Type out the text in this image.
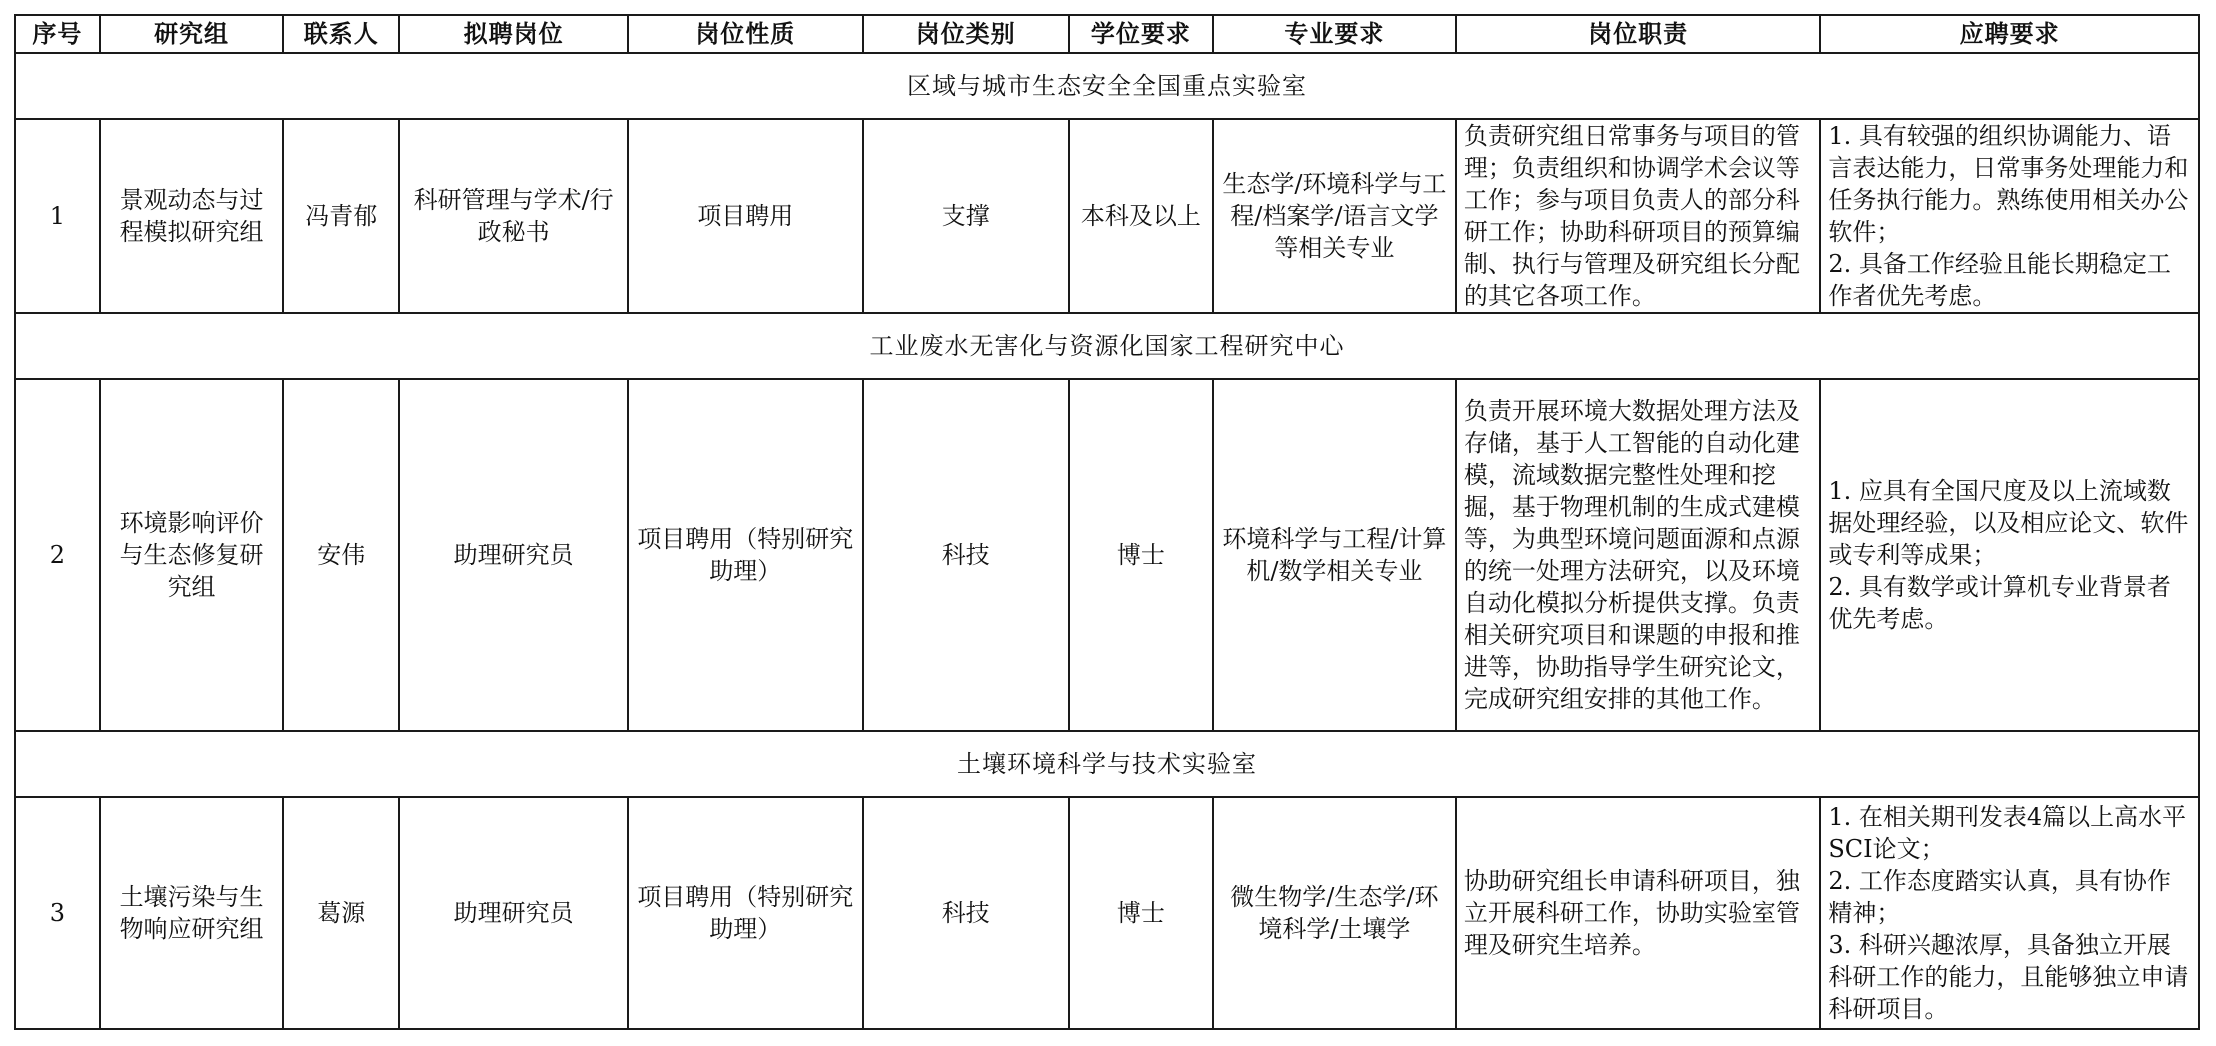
序号	研究组	联系人	拟聘岗位	岗位性质	岗位类别	学位要求	专业要求	岗位职责	应聘要求
区域与城市生态安全全国重点实验室									
1	景观动态与过程模拟研究组	冯青郁	科研管理与学术/行政秘书	项目聘用	支撑	本科及以上	生态学/环境科学与工程/档案学/语言文学等相关专业	负责研究组日常事务与项目的管理；负责组织和协调学术会议等工作；参与项目负责人的部分科研工作；协助科研项目的预算编制、执行与管理及研究组长分配的其它各项工作。	1. 具有较强的组织协调能力、语言表达能力，日常事务处理能力和任务执行能力。熟练使用相关办公软件；
2. 具备工作经验且能长期稳定工作者优先考虑。
工业废水无害化与资源化国家工程研究中心									
2	环境影响评价与生态修复研究组	安伟	助理研究员	项目聘用（特别研究助理）	科技	博士	环境科学与工程/计算机/数学相关专业	负责开展环境大数据处理方法及存储，基于人工智能的自动化建模，流域数据完整性处理和挖掘，基于物理机制的生成式建模等，为典型环境问题面源和点源的统一处理方法研究，以及环境自动化模拟分析提供支撑。负责相关研究项目和课题的申报和推进等，协助指导学生研究论文，完成研究组安排的其他工作。	1. 应具有全国尺度及以上流域数据处理经验，以及相应论文、软件或专利等成果；
2. 具有数学或计算机专业背景者优先考虑。
土壤环境科学与技术实验室									
3	土壤污染与生物响应研究组	葛源	助理研究员	项目聘用（特别研究助理）	科技	博士	微生物学/生态学/环境科学/土壤学	协助研究组长申请科研项目，独立开展科研工作，协助实验室管理及研究生培养。	1. 在相关期刊发表4篇以上高水平SCI论文；
2. 工作态度踏实认真，具有协作精神；
3. 科研兴趣浓厚，具备独立开展科研工作的能力，且能够独立申请科研项目。
